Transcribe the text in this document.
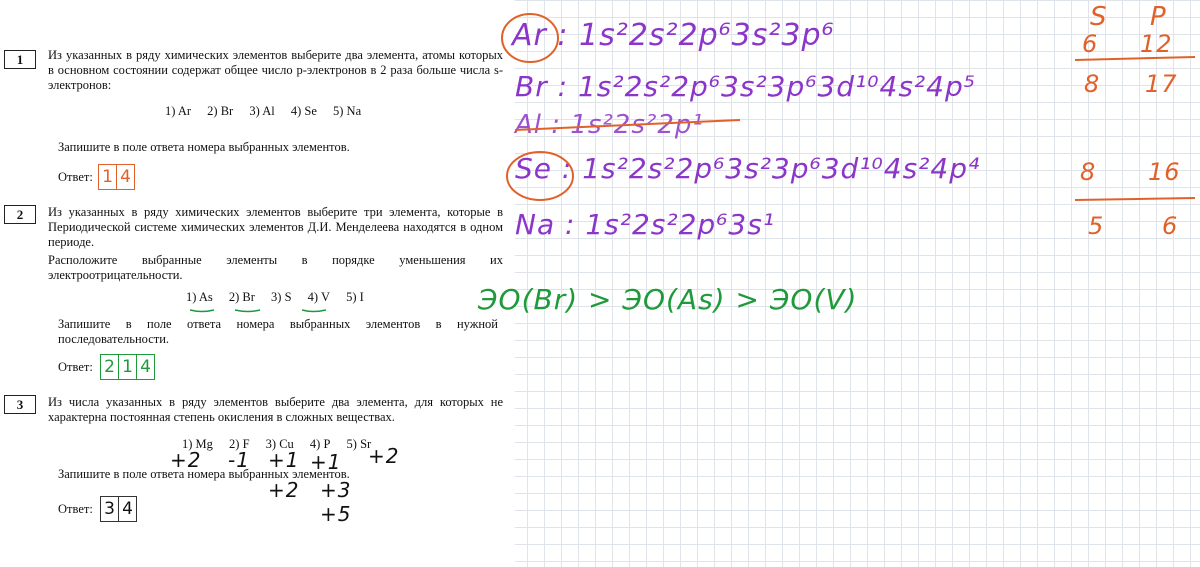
1	Из указанных в ряду химических элементов выберите два элемента, атомы которых в основном состоянии содержат общее число p-электронов в 2 раза больше числа s-электронов:
1) Ar 2) Br 3) Al 4) Se 5) Na
Запишите в поле ответа номера выбранных элементов.
Ответ: 1 4
2	Из указанных в ряду химических элементов выберите три элемента, которые в Периодической системе химических элементов Д.И. Менделеева находятся в одном периоде.
Расположите выбранные элементы в порядке уменьшения их электроотрицательности.
1) As 2) Br 3) S 4) V 5) I
Запишите в поле ответа номера выбранных элементов в нужной последовательности.
Ответ: 2 1 4
3	Из числа указанных в ряду элементов выберите два элемента, для которых не характерна постоянная степень окисления в сложных веществах.
1) Mg 2) F 3) Cu 4) P 5) Sr
Запишите в поле ответа номера выбранных элементов.
Ответ: 3 4
Ar : 1s²2s²2p⁶3s²3p⁶
Br : 1s²2s²2p⁶3s²3p⁶3d¹⁰4s²4p⁵
Al : 1s²2s²2p¹
Se : 1s²2s²2p⁶3s²3p⁶3d¹⁰4s²4p⁴
Na : 1s²2s²2p⁶3s¹
S P
6 12
8 17
8 16
5 6
ЭО(Br) > ЭО(As) > ЭО(V)
+2 -1 +1 +1 +2
+2 +3
+5
